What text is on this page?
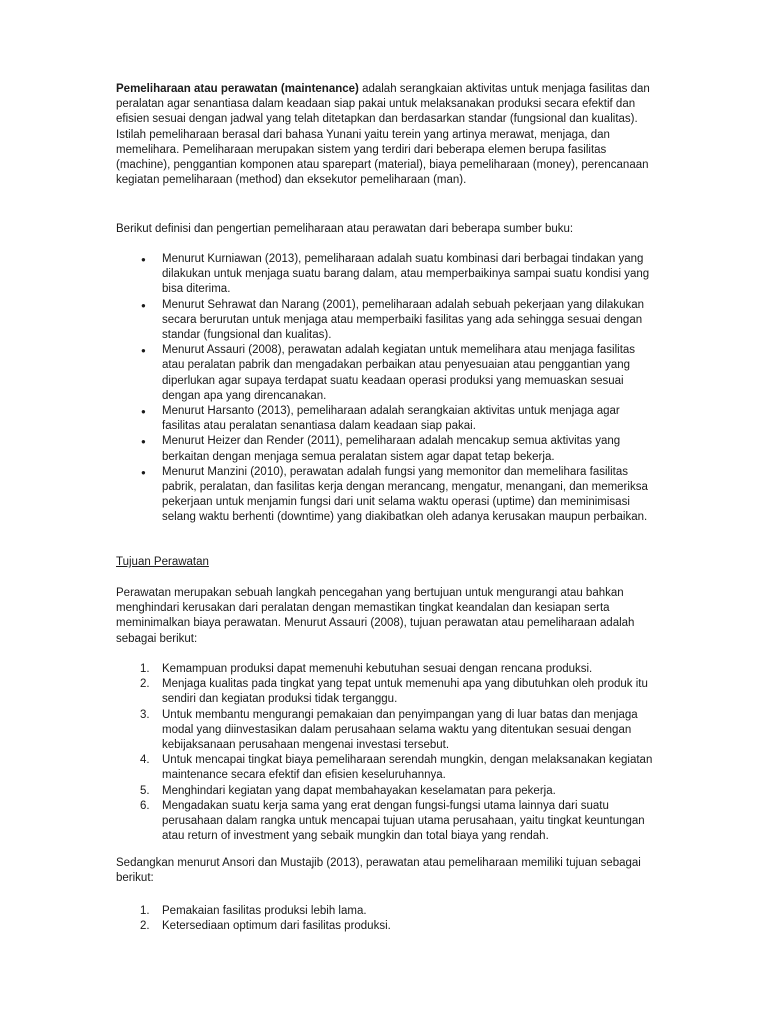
Pemeliharaan atau perawatan (maintenance) adalah serangkaian aktivitas untuk menjaga fasilitas dan peralatan agar senantiasa dalam keadaan siap pakai untuk melaksanakan produksi secara efektif dan efisien sesuai dengan jadwal yang telah ditetapkan dan berdasarkan standar (fungsional dan kualitas).

Istilah pemeliharaan berasal dari bahasa Yunani yaitu terein yang artinya merawat, menjaga, dan memelihara. Pemeliharaan merupakan sistem yang terdiri dari beberapa elemen berupa fasilitas (machine), penggantian komponen atau sparepart (material), biaya pemeliharaan (money), perencanaan kegiatan pemeliharaan (method) dan eksekutor pemeliharaan (man).

Berikut definisi dan pengertian pemeliharaan atau perawatan dari beberapa sumber buku:

● Menurut Kurniawan (2013), pemeliharaan adalah suatu kombinasi dari berbagai tindakan yang dilakukan untuk menjaga suatu barang dalam, atau memperbaikinya sampai suatu kondisi yang bisa diterima.
● Menurut Sehrawat dan Narang (2001), pemeliharaan adalah sebuah pekerjaan yang dilakukan secara berurutan untuk menjaga atau memperbaiki fasilitas yang ada sehingga sesuai dengan standar (fungsional dan kualitas).
● Menurut Assauri (2008), perawatan adalah kegiatan untuk memelihara atau menjaga fasilitas atau peralatan pabrik dan mengadakan perbaikan atau penyesuaian atau penggantian yang diperlukan agar supaya terdapat suatu keadaan operasi produksi yang memuaskan sesuai dengan apa yang direncanakan.
● Menurut Harsanto (2013), pemeliharaan adalah serangkaian aktivitas untuk menjaga agar fasilitas atau peralatan senantiasa dalam keadaan siap pakai.
● Menurut Heizer dan Render (2011), pemeliharaan adalah mencakup semua aktivitas yang berkaitan dengan menjaga semua peralatan sistem agar dapat tetap bekerja.
● Menurut Manzini (2010), perawatan adalah fungsi yang memonitor dan memelihara fasilitas pabrik, peralatan, dan fasilitas kerja dengan merancang, mengatur, menangani, dan memeriksa pekerjaan untuk menjamin fungsi dari unit selama waktu operasi (uptime) dan meminimisasi selang waktu berhenti (downtime) yang diakibatkan oleh adanya kerusakan maupun perbaikan.

Tujuan Perawatan

Perawatan merupakan sebuah langkah pencegahan yang bertujuan untuk mengurangi atau bahkan menghindari kerusakan dari peralatan dengan memastikan tingkat keandalan dan kesiapan serta meminimalkan biaya perawatan. Menurut Assauri (2008), tujuan perawatan atau pemeliharaan adalah sebagai berikut:

1. Kemampuan produksi dapat memenuhi kebutuhan sesuai dengan rencana produksi.
2. Menjaga kualitas pada tingkat yang tepat untuk memenuhi apa yang dibutuhkan oleh produk itu sendiri dan kegiatan produksi tidak terganggu.
3. Untuk membantu mengurangi pemakaian dan penyimpangan yang di luar batas dan menjaga modal yang diinvestasikan dalam perusahaan selama waktu yang ditentukan sesuai dengan kebijaksanaan perusahaan mengenai investasi tersebut.
4. Untuk mencapai tingkat biaya pemeliharaan serendah mungkin, dengan melaksanakan kegiatan maintenance secara efektif dan efisien keseluruhannya.
5. Menghindari kegiatan yang dapat membahayakan keselamatan para pekerja.
6. Mengadakan suatu kerja sama yang erat dengan fungsi-fungsi utama lainnya dari suatu perusahaan dalam rangka untuk mencapai tujuan utama perusahaan, yaitu tingkat keuntungan atau return of investment yang sebaik mungkin dan total biaya yang rendah.

Sedangkan menurut Ansori dan Mustajib (2013), perawatan atau pemeliharaan memiliki tujuan sebagai berikut:

1. Pemakaian fasilitas produksi lebih lama.
2. Ketersediaan optimum dari fasilitas produksi.
